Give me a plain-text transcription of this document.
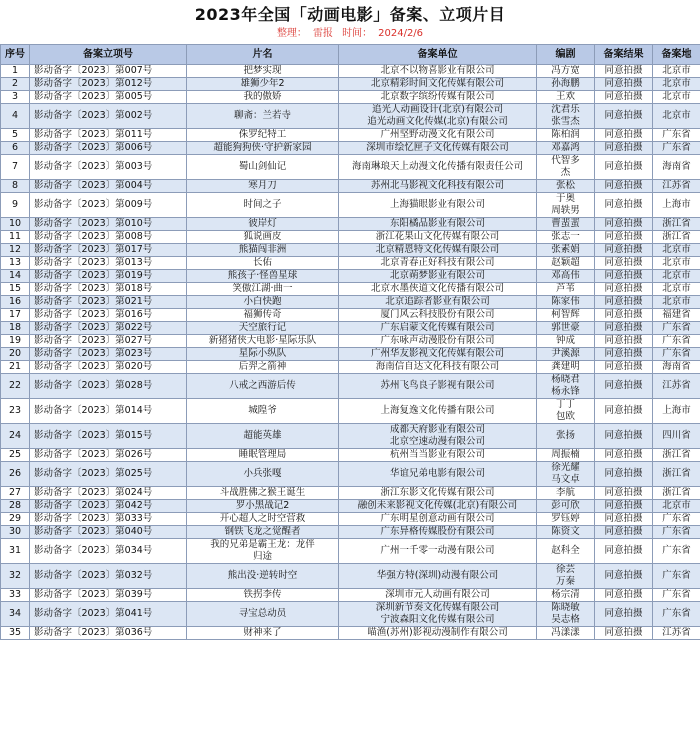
2023年全国「动画电影」备案、立项片目
整理： 雷报 时间： 2024/2/6
序号	备案立项号	片名	备案单位	编剧	备案结果	备案地
1	影动备字〔2023〕第007号	把梦实现	北京不以物喜影业有限公司	冯方宽	同意拍摄	北京市
2	影动备字〔2023〕第012号	雄狮少年2	北京精彩时间文化传媒有限公司	孙海鹏	同意拍摄	北京市
3	影动备字〔2023〕第005号	我的傲娇	北京数字缤纷传媒有限公司	王欢	同意拍摄	北京市
4	影动备字〔2023〕第002号	聊斋：兰若寺	追光人动画设计(北京)有限公司
追光动画文化传媒(北京)有限公司	沈君乐
张雪杰	同意拍摄	北京市
5	影动备字〔2023〕第011号	侏罗纪特工	广州坚野动漫文化有限公司	陈柏润	同意拍摄	广东省
6	影动备字〔2023〕第006号	超能狗狗侠·守护新家园	深圳市绘忆匣子文化传媒有限公司	邓嘉鸿	同意拍摄	广东省
7	影动备字〔2023〕第003号	蜀山剑仙记	海南琳琅天上动漫文化传播有限责任公司	代智多
杰	同意拍摄	海南省
8	影动备字〔2023〕第004号	寒月刀	苏州北马影视文化科技有限公司	张松	同意拍摄	江苏省
9	影动备字〔2023〕第009号	时间之子	上海猫眼影业有限公司	于奥
周轶男	同意拍摄	上海市
10	影动备字〔2023〕第010号	彼岸灯	东阳橘品影业有限公司	曹蜚蜚	同意拍摄	浙江省
11	影动备字〔2023〕第008号	狐说画皮	浙江花果山文化传媒有限公司	张志一	同意拍摄	浙江省
12	影动备字〔2023〕第017号	熊猫闯非洲	北京精恩特文化传媒有限公司	张素娟	同意拍摄	北京市
13	影动备字〔2023〕第013号	长佑	北京青春正好科技有限公司	赵颖超	同意拍摄	北京市
14	影动备字〔2023〕第019号	熊孩子·怪兽星球	北京蒴梦影业有限公司	邓高伟	同意拍摄	北京市
15	影动备字〔2023〕第018号	笑傲江湖·曲一	北京水墨侠道文化传播有限公司	芦苇	同意拍摄	北京市
16	影动备字〔2023〕第021号	小白快跑	北京追踪者影业有限公司	陈家伟	同意拍摄	北京市
17	影动备字〔2023〕第016号	福狮传奇	厦门风云科技股份有限公司	柯智辉	同意拍摄	福建省
18	影动备字〔2023〕第022号	天空旅行记	广东启蒙文化传媒有限公司	郭世豪	同意拍摄	广东省
19	影动备字〔2023〕第027号	新猪猪侠大电影·星际乐队	广东咏声动漫股份有限公司	钟成	同意拍摄	广东省
20	影动备字〔2023〕第023号	星际小纵队	广州华友影视文化传媒有限公司	尹溪源	同意拍摄	广东省
21	影动备字〔2023〕第020号	后羿之箭神	海南信自达文化科技有限公司	龚建明	同意拍摄	海南省
22	影动备字〔2023〕第028号	八戒之西游后传	苏州飞鸟良子影视有限公司	杨晓君
杨永锋	同意拍摄	江苏省
23	影动备字〔2023〕第014号	城隍爷	上海复逸文化传播有限公司	丁丁
包欧	同意拍摄	上海市
24	影动备字〔2023〕第015号	超能英雄	成都天府影业有限公司
北京空速动漫有限公司	张扬	同意拍摄	四川省
25	影动备字〔2023〕第026号	睡眠管理局	杭州当当影业有限公司	周振楠	同意拍摄	浙江省
26	影动备字〔2023〕第025号	小兵张嘎	华谊兄弟电影有限公司	徐光耀
马文卓	同意拍摄	浙江省
27	影动备字〔2023〕第024号	斗战胜佛之猴王诞生	浙江东影文化传媒有限公司	李航	同意拍摄	浙江省
28	影动备字〔2023〕第042号	罗小黑战记2	融创未来影视文化传媒(北京)有限公司	彭可欣	同意拍摄	北京市
29	影动备字〔2023〕第033号	开心超人之时空营救	广东明星创意动画有限公司	罗钰婷	同意拍摄	广东省
30	影动备字〔2023〕第040号	钢铁飞龙之觉醒者	广东异格传媒股份有限公司	陈资文	同意拍摄	广东省
31	影动备字〔2023〕第034号	我的兄弟是霸王龙：龙伴
归途	广州一千零一动漫有限公司	赵科全	同意拍摄	广东省
32	影动备字〔2023〕第032号	熊出没·逆转时空	华强方特(深圳)动漫有限公司	徐芸
万秦	同意拍摄	广东省
33	影动备字〔2023〕第039号	铁拐李传	深圳市元人动画有限公司	杨宗清	同意拍摄	广东省
34	影动备字〔2023〕第041号	寻宝总动员	深圳新节奏文化传媒有限公司
宁波森阳文化传媒有限公司	陈晓敏
吴志格	同意拍摄	广东省
35	影动备字〔2023〕第036号	财神来了	喵渔(苏州)影视动漫制作有限公司	冯漾漾	同意拍摄	江苏省
